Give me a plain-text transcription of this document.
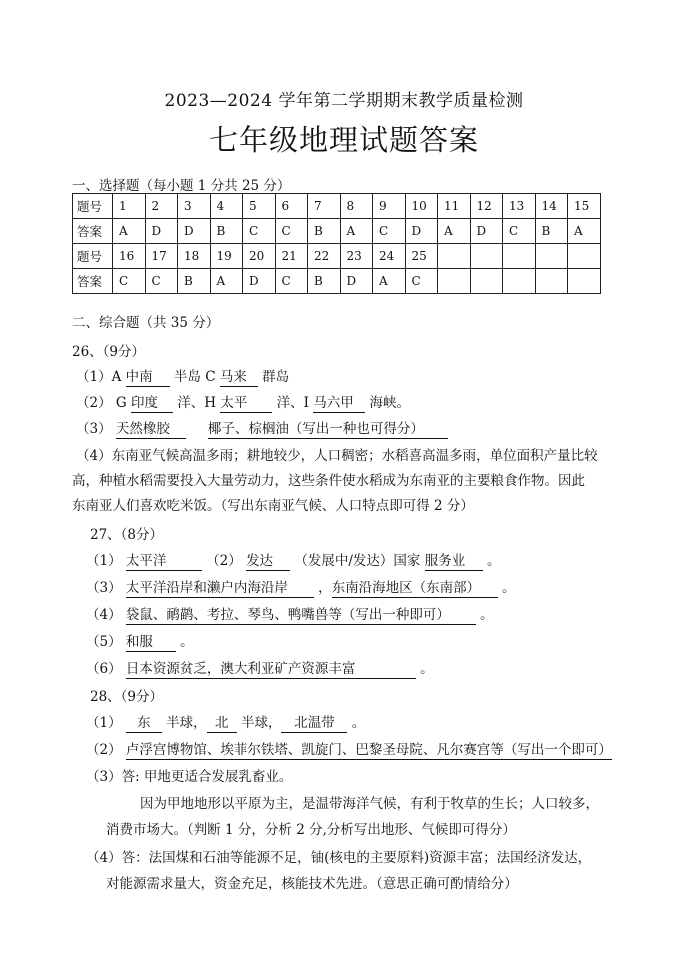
2023—2024 学年第二学期期末教学质量检测
七年级地理试题答案
一、选择题（每小题 1 分共 25 分）
题号	1	2	3	4	5	6	7	8	9	10	11	12	13	14	15
答案	A	D	D	B	C	C	B	A	C	D	A	D	C	B	A
题号	16	17	18	19	20	21	22	23	24	25					
答案	C	C	B	A	D	C	B	D	A	C					
二、综合题（共 35 分）
26、（9分）
（1）A 中南 半岛 C 马来 群岛
（2） G 印度 洋、H 太平 洋、I 马六甲 海峡。
（3） 天然橡胶	椰子、棕榈油（写出一种也可得分）
（4）东南亚气候高温多雨；耕地较少，人口稠密；水稻喜高温多雨，单位面积产量比较
高，种植水稻需要投入大量劳动力，这些条件使水稻成为东南亚的主要粮食作物。因此
东南亚人们喜欢吃米饭。（写出东南亚气候、人口特点即可得 2 分）
27、（8分）
（1） 太平洋	（2） 发达 （发展中/发达）国家 服务业 。
（3） 太平洋沿岸和濑户内海沿岸 ，东南沿海地区（东南部） 。
（4） 袋鼠、鸸鹋、考拉、琴鸟、鸭嘴兽等（写出一种即可） 。
（5） 和服 。
（6） 日本资源贫乏，澳大利亚矿产资源丰富	。
28、（9分）
（1） 东 半球， 北 半球， 北温带 。
（2） 卢浮宫博物馆、埃菲尔铁塔、凯旋门、巴黎圣母院、凡尔赛宫等（写出一个即可）
（3）答: 甲地更适合发展乳畜业。
因为甲地地形以平原为主，是温带海洋气候，有利于牧草的生长；人口较多，
消费市场大。（判断 1 分，分析 2 分,分析写出地形、气候即可得分）
（4）答：法国煤和石油等能源不足，铀(核电的主要原料)资源丰富；法国经济发达，
对能源需求量大，资金充足，核能技术先进。（意思正确可酌情给分）
